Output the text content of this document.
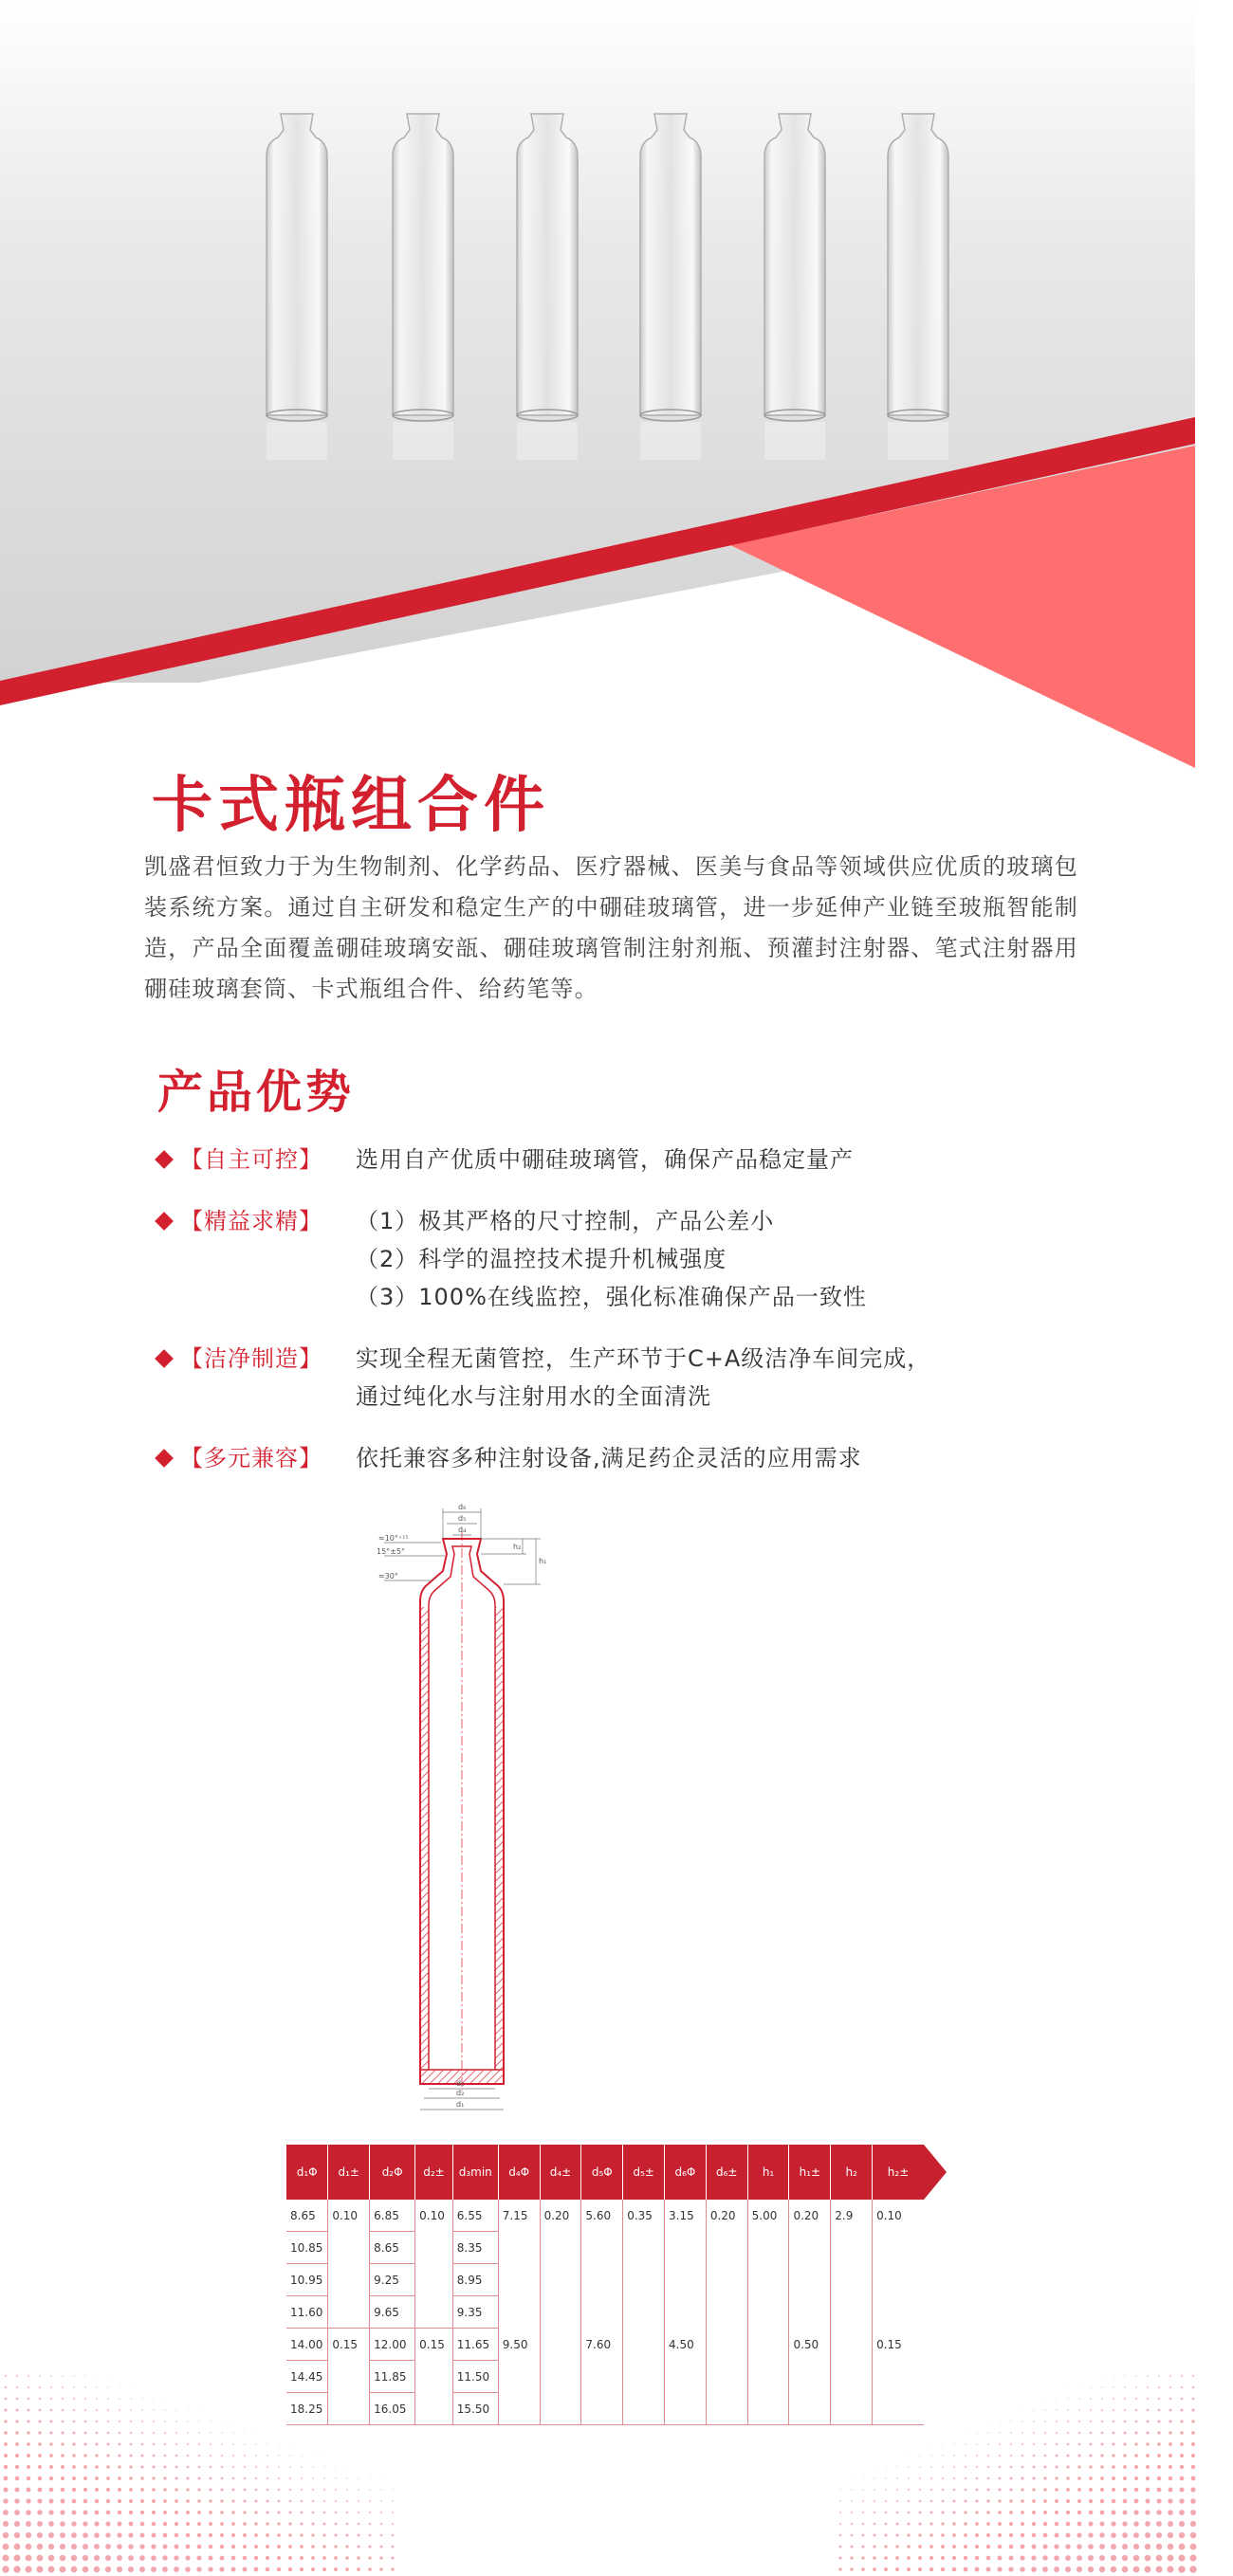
卡式瓶组合件

凯盛君恒致力于为生物制剂、化学药品、医疗器械、医美与食品等领域供应优质的玻璃包装系统方案。通过自主研发和稳定生产的中硼硅玻璃管，进一步延伸产业链至玻瓶智能制造，产品全面覆盖硼硅玻璃安瓿、硼硅玻璃管制注射剂瓶、预灌封注射器、笔式注射器用硼硅玻璃套筒、卡式瓶组合件、给药笔等。

产品优势
【自主可控】 选用自产优质中硼硅玻璃管，确保产品稳定量产
【精益求精】 （1）极其严格的尺寸控制，产品公差小
（2）科学的温控技术提升机械强度
（3）100%在线监控，强化标准确保产品一致性
【洁净制造】 实现全程无菌管控，生产环节于C+A级洁净车间完成，
通过纯化水与注射用水的全面清洗
【多元兼容】 依托兼容多种注射设备,满足药企灵活的应用需求
d₆
d₅
d₄
≈10°⁺¹⁵
15°±5°
≈30°
h₂
h₁
d₃
d₂
d₁
d₁Φ	d₁±	d₂Φ	d₂±	d₃min	d₄Φ	d₄±	d₅Φ	d₅±	d₆Φ	d₆±	h₁	h₁±	h₂	h₂±
8.65	0.10	6.85	0.10	6.55	7.15	0.20	5.60	0.35	3.15	0.20	5.00	0.20	2.9	0.10
10.85		8.65		8.35										
10.95		9.25		8.95										
11.60		9.65		9.35										
14.00	0.15	12.00	0.15	11.65	9.50		7.60		4.50			0.50		0.15
14.45		11.85		11.50										
18.25		16.05		15.50										
